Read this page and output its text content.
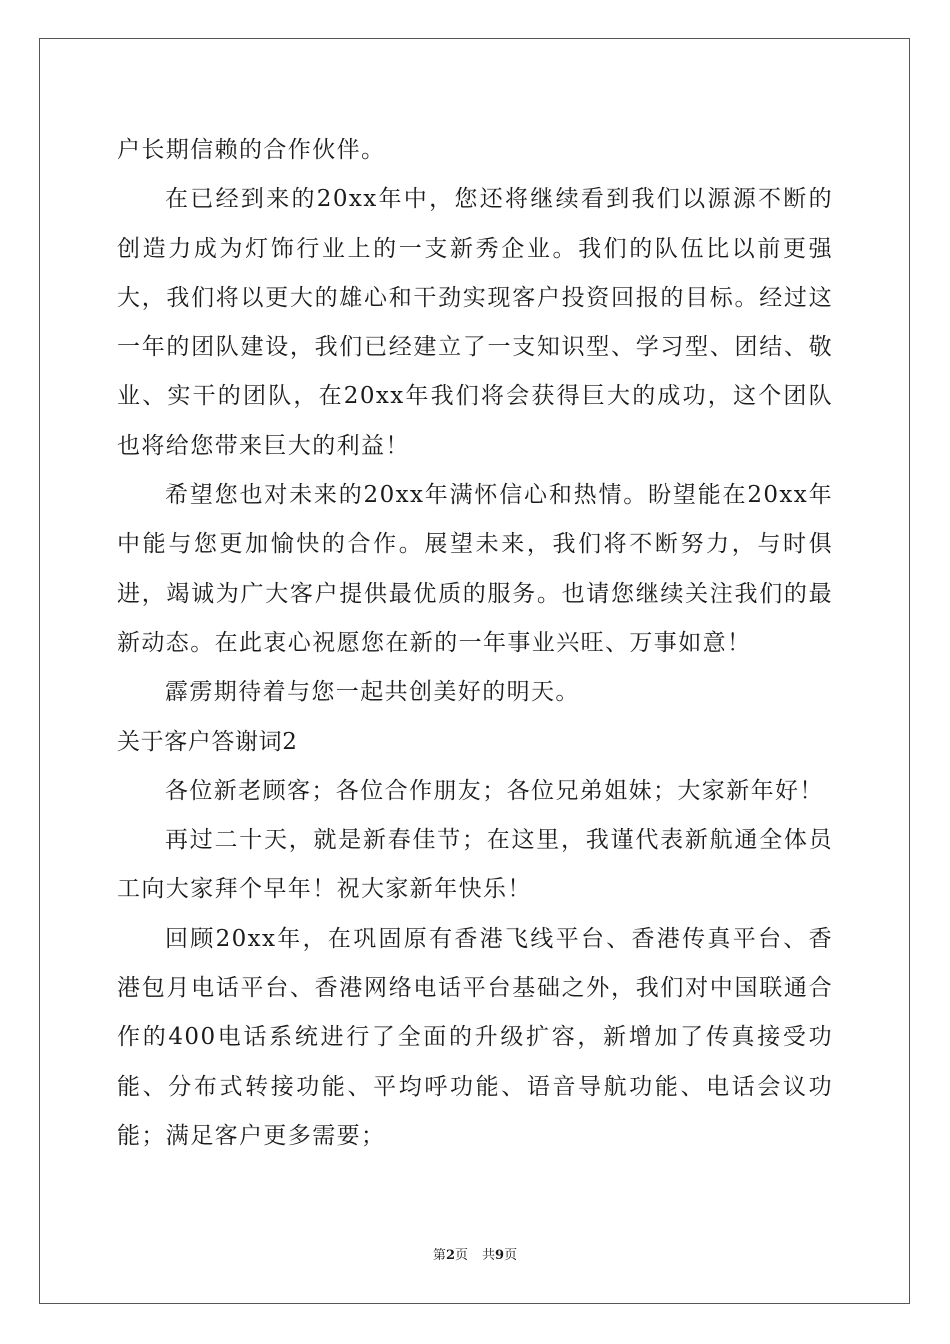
户长期信赖的合作伙伴。

在已经到来的20xx年中，您还将继续看到我们以源源不断的创造力成为灯饰行业上的一支新秀企业。我们的队伍比以前更强大，我们将以更大的雄心和干劲实现客户投资回报的目标。经过这一年的团队建设，我们已经建立了一支知识型、学习型、团结、敬业、实干的团队，在20xx年我们将会获得巨大的成功，这个团队也将给您带来巨大的利益！

希望您也对未来的20xx年满怀信心和热情。盼望能在20xx年中能与您更加愉快的合作。展望未来，我们将不断努力，与时俱进，竭诚为广大客户提供最优质的服务。也请您继续关注我们的最新动态。在此衷心祝愿您在新的一年事业兴旺、万事如意！

霹雳期待着与您一起共创美好的明天。

关于客户答谢词2

各位新老顾客；各位合作朋友；各位兄弟姐妹；大家新年好！

再过二十天，就是新春佳节；在这里，我谨代表新航通全体员工向大家拜个早年！祝大家新年快乐！

回顾20xx年，在巩固原有香港飞线平台、香港传真平台、香港包月电话平台、香港网络电话平台基础之外，我们对中国联通合作的400电话系统进行了全面的升级扩容，新增加了传真接受功能、分布式转接功能、平均呼功能、语音导航功能、电话会议功能；满足客户更多需要；

第2页 共9页
